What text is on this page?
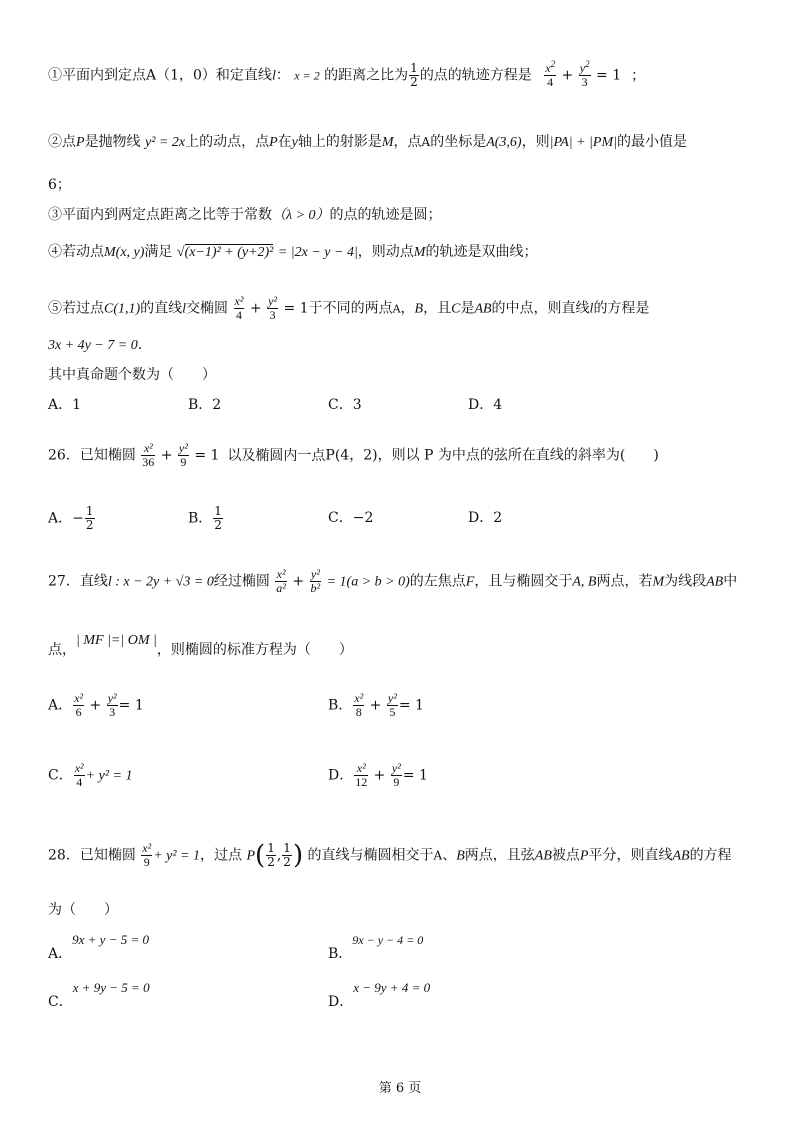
①平面内到定点A（1，0）和定直线l： x = 2 的距离之比为 $\frac{1}{2}$ 的点的轨迹方程是 $\frac{x^2}{4} + \frac{y^2}{3} = 1$ ；
②点P是抛物线 y² = 2x上的动点，点P在y轴上的射影是M，点A的坐标是A(3,6)，则|PA| + |PM|的最小值是
6；
③平面内到两定点距离之比等于常数（λ > 0）的点的轨迹是圆；
④若动点M(x, y)满足 √(x−1)² + (y+2)² = |2x − y − 4|，则动点M的轨迹是双曲线；
⑤若过点C(1,1)的直线l交椭圆 $\frac{\text{x²}}{4} + \frac{\text{y²}}{3} = 1$于不同的两点A，B，且C是AB的中点，则直线l的方程是
3x + 4y − 7 = 0.
其中真命题个数为（　　）
A．1	B．2	C．3	D．4
26．已知椭圆 $\frac{\text{x²}}{36} + \frac{\text{y²}}{9} = 1$ 以及椭圆内一点P(4，2)，则以 P 为中点的弦所在直线的斜率为(　　)
A．− $\frac{1}{2}$	B． $\frac{1}{2}$	C．−2	D．2
27．直线l : x − 2y + √3 = 0经过椭圆 $\frac{\text{x²}}{\text{a²}} + \frac{\text{y²}}{\text{b²}} = 1(a > b > 0)$的左焦点F，且与椭圆交于A, B两点，若M为线段AB中
点，| MF |=| OM |，则椭圆的标准方程为（　　）
A． $\frac{\text{x²}}{6} + \frac{\text{y²}}{3} = 1$	B． $\frac{\text{x²}}{8} + \frac{\text{y²}}{5} = 1$
C． $\frac{\text{x²}}{4} + y^2 = 1$	D． $\frac{\text{x²}}{12} + \frac{\text{y²}}{9} = 1$
28．已知椭圆 $\frac{\text{x²}}{9} + y^2 = 1$，过点 $P( \frac{1}{2}$ , $\frac{1}{2}$ ) 的直线与椭圆相交于A、B两点，且弦AB被点P平分，则直线AB的方程
为（　　）
A．9x + y − 5 = 0
B．9x − y − 4 = 0
C．x + 9y − 5 = 0
D．x − 9y + 4 = 0
第 6 页
